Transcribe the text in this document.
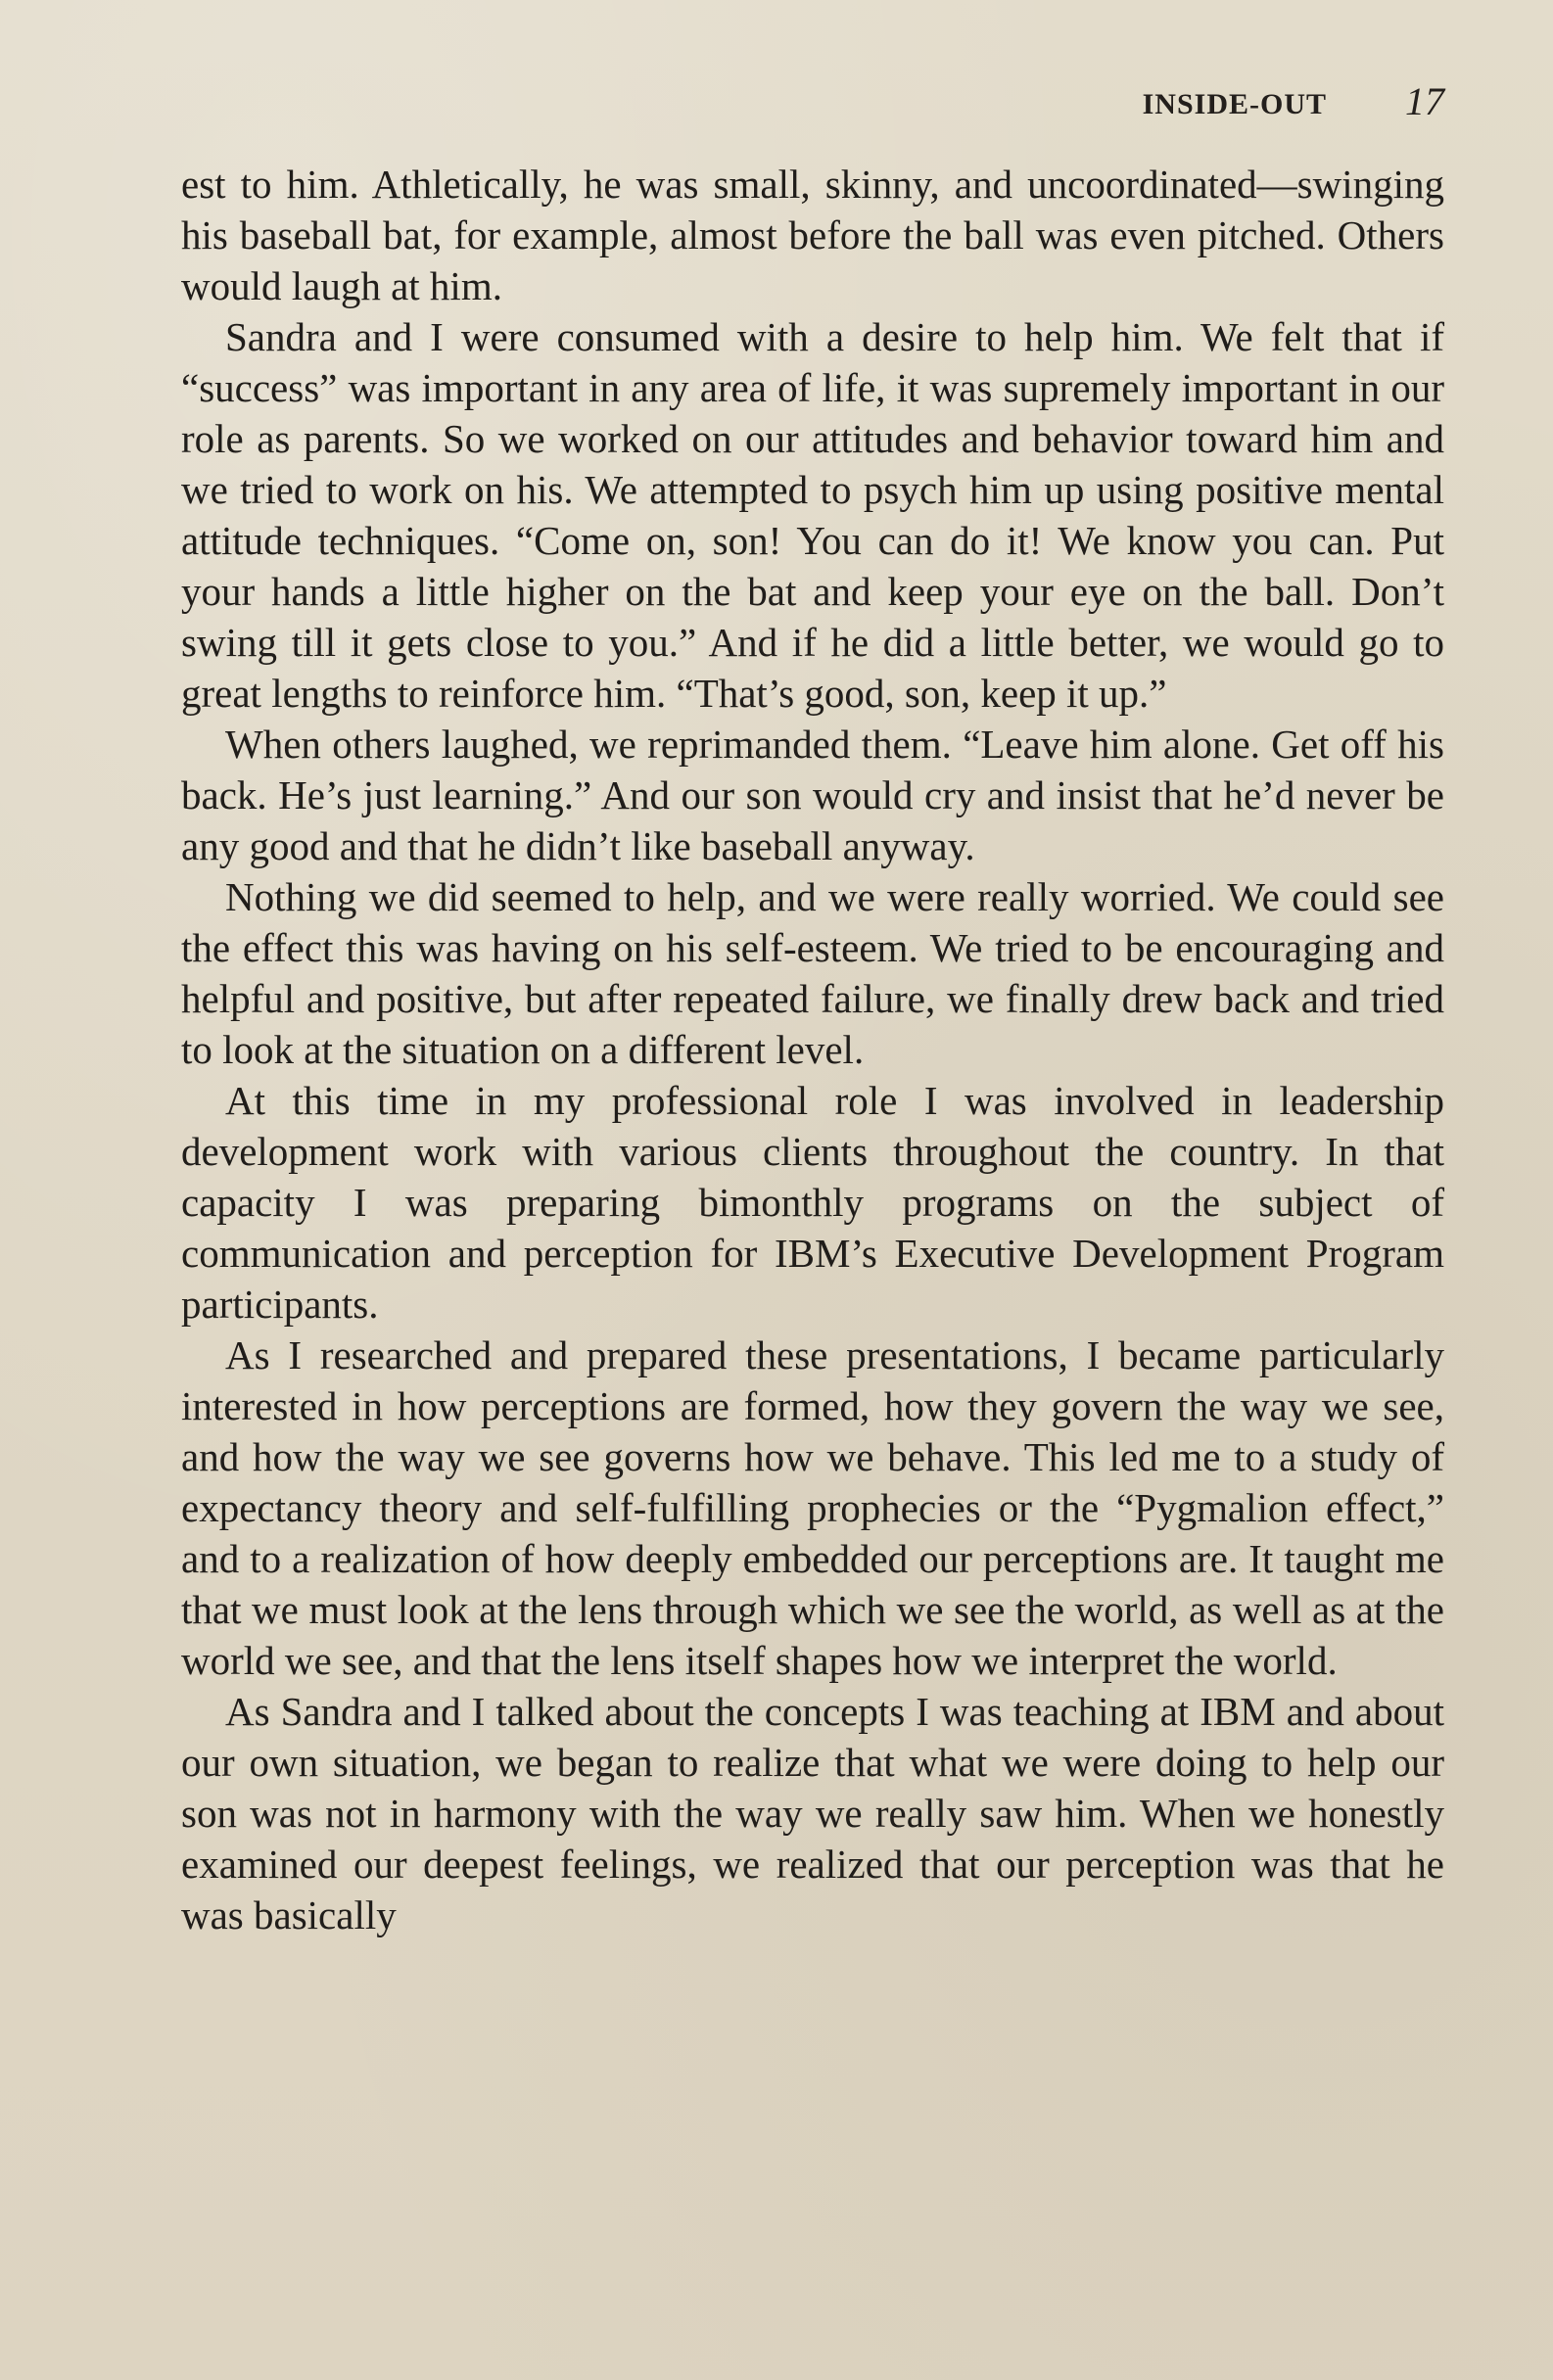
INSIDE-OUT 17

est to him. Athletically, he was small, skinny, and uncoordinated—swinging his baseball bat, for example, almost before the ball was even pitched. Others would laugh at him.

Sandra and I were consumed with a desire to help him. We felt that if “success” was important in any area of life, it was supremely important in our role as parents. So we worked on our attitudes and behavior toward him and we tried to work on his. We attempted to psych him up using positive mental attitude techniques. “Come on, son! You can do it! We know you can. Put your hands a little higher on the bat and keep your eye on the ball. Don’t swing till it gets close to you.” And if he did a little better, we would go to great lengths to reinforce him. “That’s good, son, keep it up.”

When others laughed, we reprimanded them. “Leave him alone. Get off his back. He’s just learning.” And our son would cry and insist that he’d never be any good and that he didn’t like baseball anyway.

Nothing we did seemed to help, and we were really worried. We could see the effect this was having on his self-esteem. We tried to be encouraging and helpful and positive, but after repeated failure, we finally drew back and tried to look at the situation on a different level.

At this time in my professional role I was involved in leadership development work with various clients throughout the country. In that capacity I was preparing bimonthly programs on the subject of communication and perception for IBM’s Executive Development Program participants.

As I researched and prepared these presentations, I became particularly interested in how perceptions are formed, how they govern the way we see, and how the way we see governs how we behave. This led me to a study of expectancy theory and self-fulfilling prophecies or the “Pygmalion effect,” and to a realization of how deeply embedded our perceptions are. It taught me that we must look at the lens through which we see the world, as well as at the world we see, and that the lens itself shapes how we interpret the world.

As Sandra and I talked about the concepts I was teaching at IBM and about our own situation, we began to realize that what we were doing to help our son was not in harmony with the way we really saw him. When we honestly examined our deepest feelings, we realized that our perception was that he was basically
